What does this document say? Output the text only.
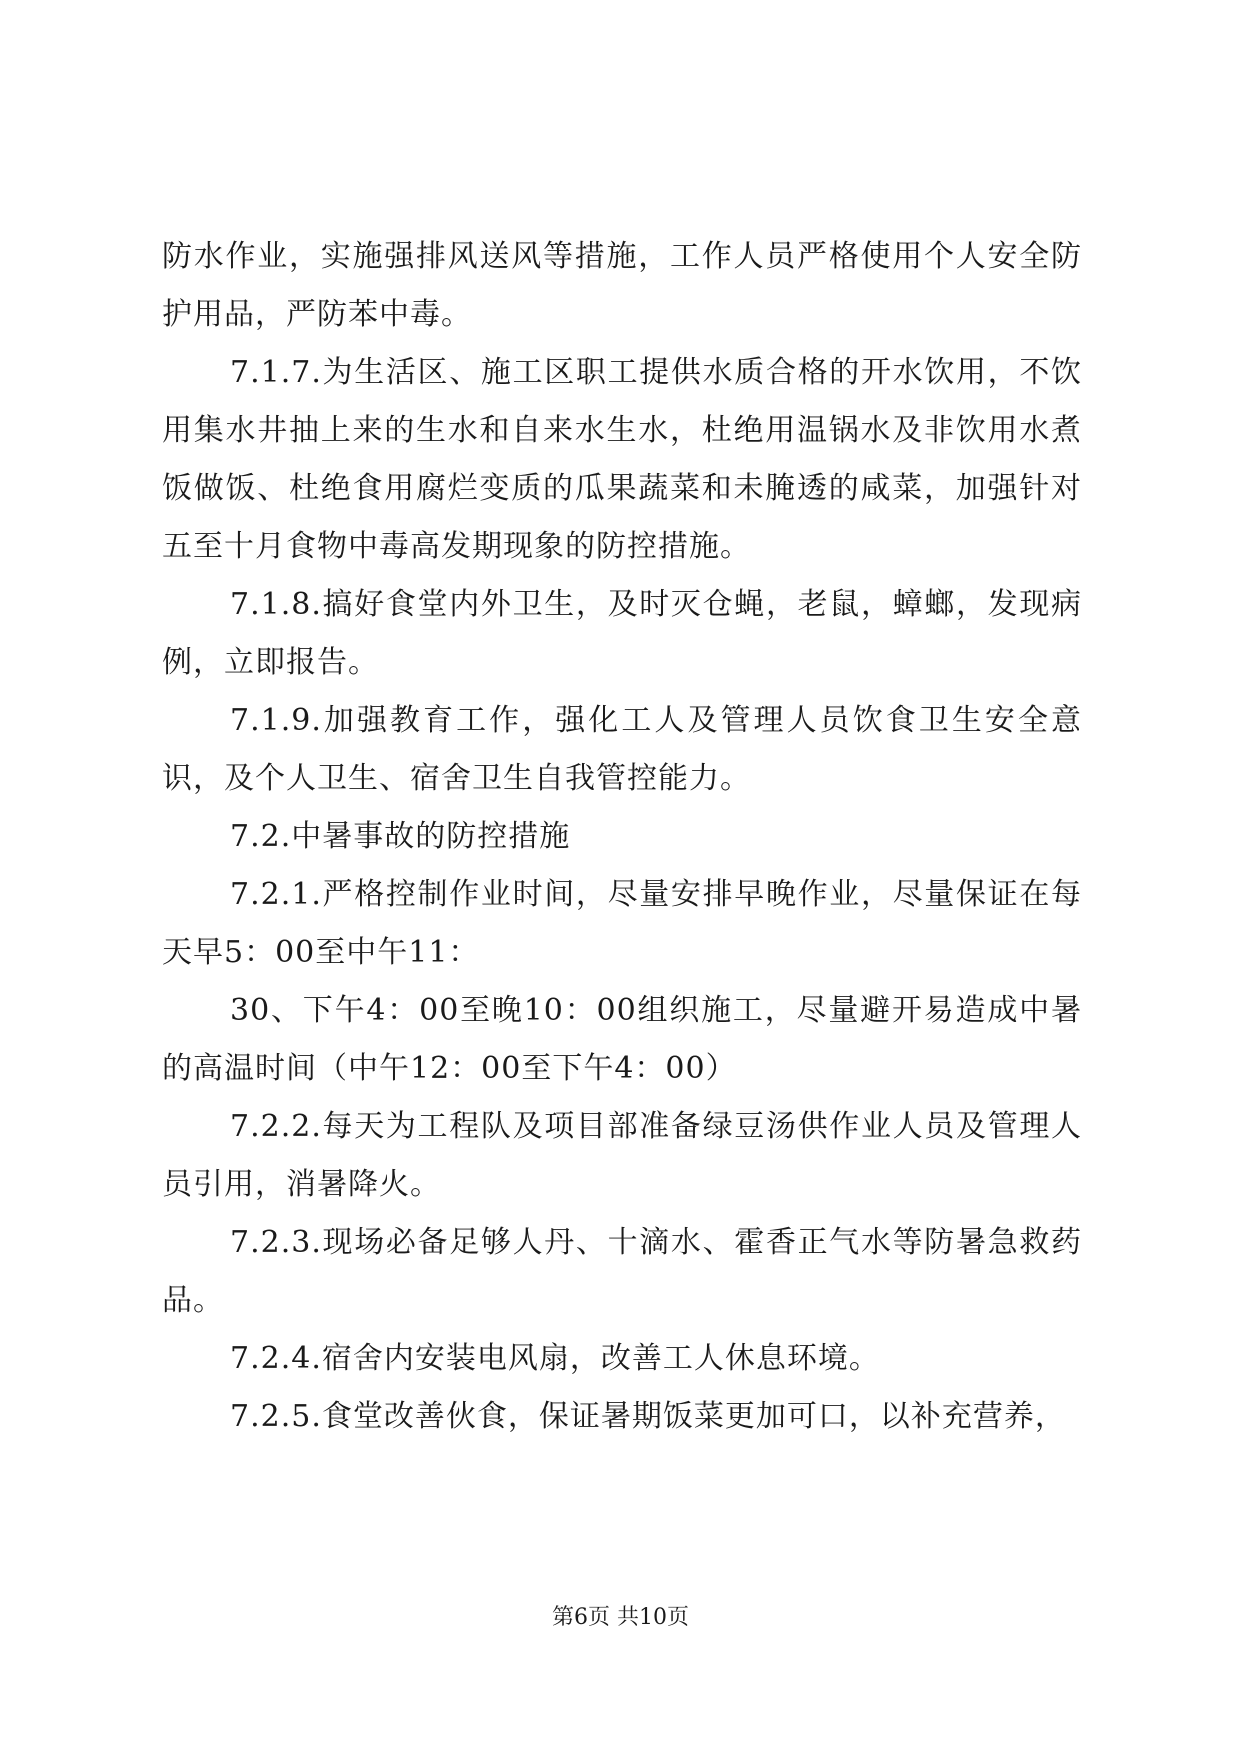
防水作业，实施强排风送风等措施，工作人员严格使用个人安全防护用品，严防苯中毒。

7.1.7.为生活区、施工区职工提供水质合格的开水饮用，不饮用集水井抽上来的生水和自来水生水，杜绝用温锅水及非饮用水煮饭做饭、杜绝食用腐烂变质的瓜果蔬菜和未腌透的咸菜，加强针对五至十月食物中毒高发期现象的防控措施。

7.1.8.搞好食堂内外卫生，及时灭仓蝇，老鼠，蟑螂，发现病例，立即报告。

7.1.9.加强教育工作，强化工人及管理人员饮食卫生安全意识，及个人卫生、宿舍卫生自我管控能力。

7.2.中暑事故的防控措施

7.2.1.严格控制作业时间，尽量安排早晚作业，尽量保证在每天早5：00至中午11：

30、下午4：00至晚10：00组织施工，尽量避开易造成中暑的高温时间（中午12：00至下午4：00）

7.2.2.每天为工程队及项目部准备绿豆汤供作业人员及管理人员引用，消暑降火。

7.2.3.现场必备足够人丹、十滴水、霍香正气水等防暑急救药品。

7.2.4.宿舍内安装电风扇，改善工人休息环境。

7.2.5.食堂改善伙食，保证暑期饭菜更加可口，以补充营养，

第6页 共10页
